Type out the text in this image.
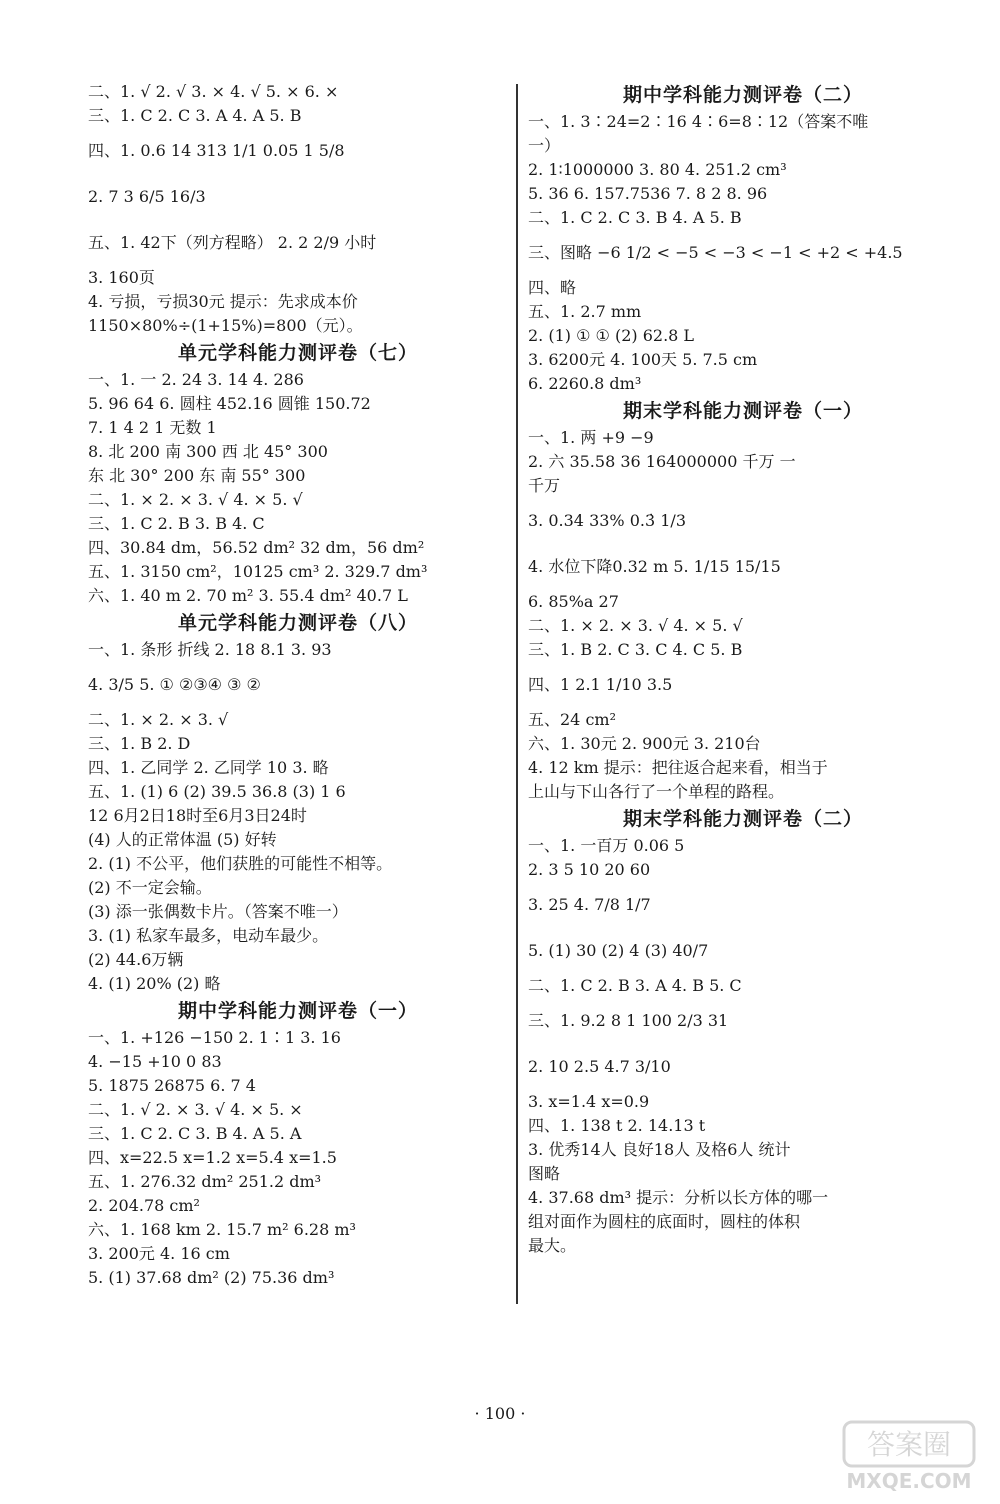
二、1. √ 2. √ 3. × 4. √ 5. × 6. ×
三、1. C 2. C 3. A 4. A 5. B
四、1. 0.6 14 313 1/1 0.05 1 5/8
2. 7 3 6/5 16/3
五、1. 42下（列方程略） 2. 2 2/9 小时
3. 160页
4. 亏损，亏损30元 提示：先求成本价
1150×80%÷(1+15%)=800（元）。
单元学科能力测评卷（七）
一、1. 一 2. 24 3. 14 4. 286
5. 96 64 6. 圆柱 452.16 圆锥 150.72
7. 1 4 2 1 无数 1
8. 北 200 南 300 西 北 45° 300
东 北 30° 200 东 南 55° 300
二、1. × 2. × 3. √ 4. × 5. √
三、1. C 2. B 3. B 4. C
四、30.84 dm，56.52 dm² 32 dm，56 dm²
五、1. 3150 cm²，10125 cm³ 2. 329.7 dm³
六、1. 40 m 2. 70 m² 3. 55.4 dm² 40.7 L
单元学科能力测评卷（八）
一、1. 条形 折线 2. 18 8.1 3. 93
4. 3/5 5. ① ②③④ ③ ②
二、1. × 2. × 3. √
三、1. B 2. D
四、1. 乙同学 2. 乙同学 10 3. 略
五、1. (1) 6 (2) 39.5 36.8 (3) 1 6
12 6月2日18时至6月3日24时
(4) 人的正常体温 (5) 好转
2. (1) 不公平，他们获胜的可能性不相等。
(2) 不一定会输。
(3) 添一张偶数卡片。（答案不唯一）
3. (1) 私家车最多，电动车最少。
(2) 44.6万辆
4. (1) 20% (2) 略
期中学科能力测评卷（一）
一、1. +126 −150 2. 1∶1 3. 16
4. −15 +10 0 83
5. 1875 26875 6. 7 4
二、1. √ 2. × 3. √ 4. × 5. ×
三、1. C 2. C 3. B 4. A 5. A
四、x=22.5 x=1.2 x=5.4 x=1.5
五、1. 276.32 dm² 251.2 dm³
2. 204.78 cm²
六、1. 168 km 2. 15.7 m² 6.28 m³
3. 200元 4. 16 cm
5. (1) 37.68 dm² (2) 75.36 dm³
期中学科能力测评卷（二）
一、1. 3∶24=2∶16 4∶6=8∶12（答案不唯
一）
2. 1∶1000000 3. 80 4. 251.2 cm³
5. 36 6. 157.7536 7. 8 2 8. 96
二、1. C 2. C 3. B 4. A 5. B
三、图略 −6 1/2 < −5 < −3 < −1 < +2 < +4.5
四、略
五、1. 2.7 mm
2. (1) ① ① (2) 62.8 L
3. 6200元 4. 100天 5. 7.5 cm
6. 2260.8 dm³
期末学科能力测评卷（一）
一、1. 两 +9 −9
2. 六 35.58 36 164000000 千万 一
千万
3. 0.34 33% 0.3̇ 1/3
4. 水位下降0.32 m 5. 1/15 15/15
6. 85%a 27
二、1. × 2. × 3. √ 4. × 5. √
三、1. B 2. C 3. C 4. C 5. B
四、1 2.1 1/10 3.5
五、24 cm²
六、1. 30元 2. 900元 3. 210台
4. 12 km 提示：把往返合起来看，相当于
上山与下山各行了一个单程的路程。
期末学科能力测评卷（二）
一、1. 一百万 0.06 5
2. 3 5 10 20 60
3. 25 4. 7/8 1/7
5. (1) 30 (2) 4 (3) 40/7
二、1. C 2. B 3. A 4. B 5. C
三、1. 9.2 8 1 100 2/3 31
2. 10 2.5 4.7 3/10
3. x=1.4 x=0.9
四、1. 138 t 2. 14.13 t
3. 优秀14人 良好18人 及格6人 统计
图略
4. 37.68 dm³ 提示：分析以长方体的哪一
组对面作为圆柱的底面时，圆柱的体积
最大。
· 100 ·
答案圈
MXQE.COM
